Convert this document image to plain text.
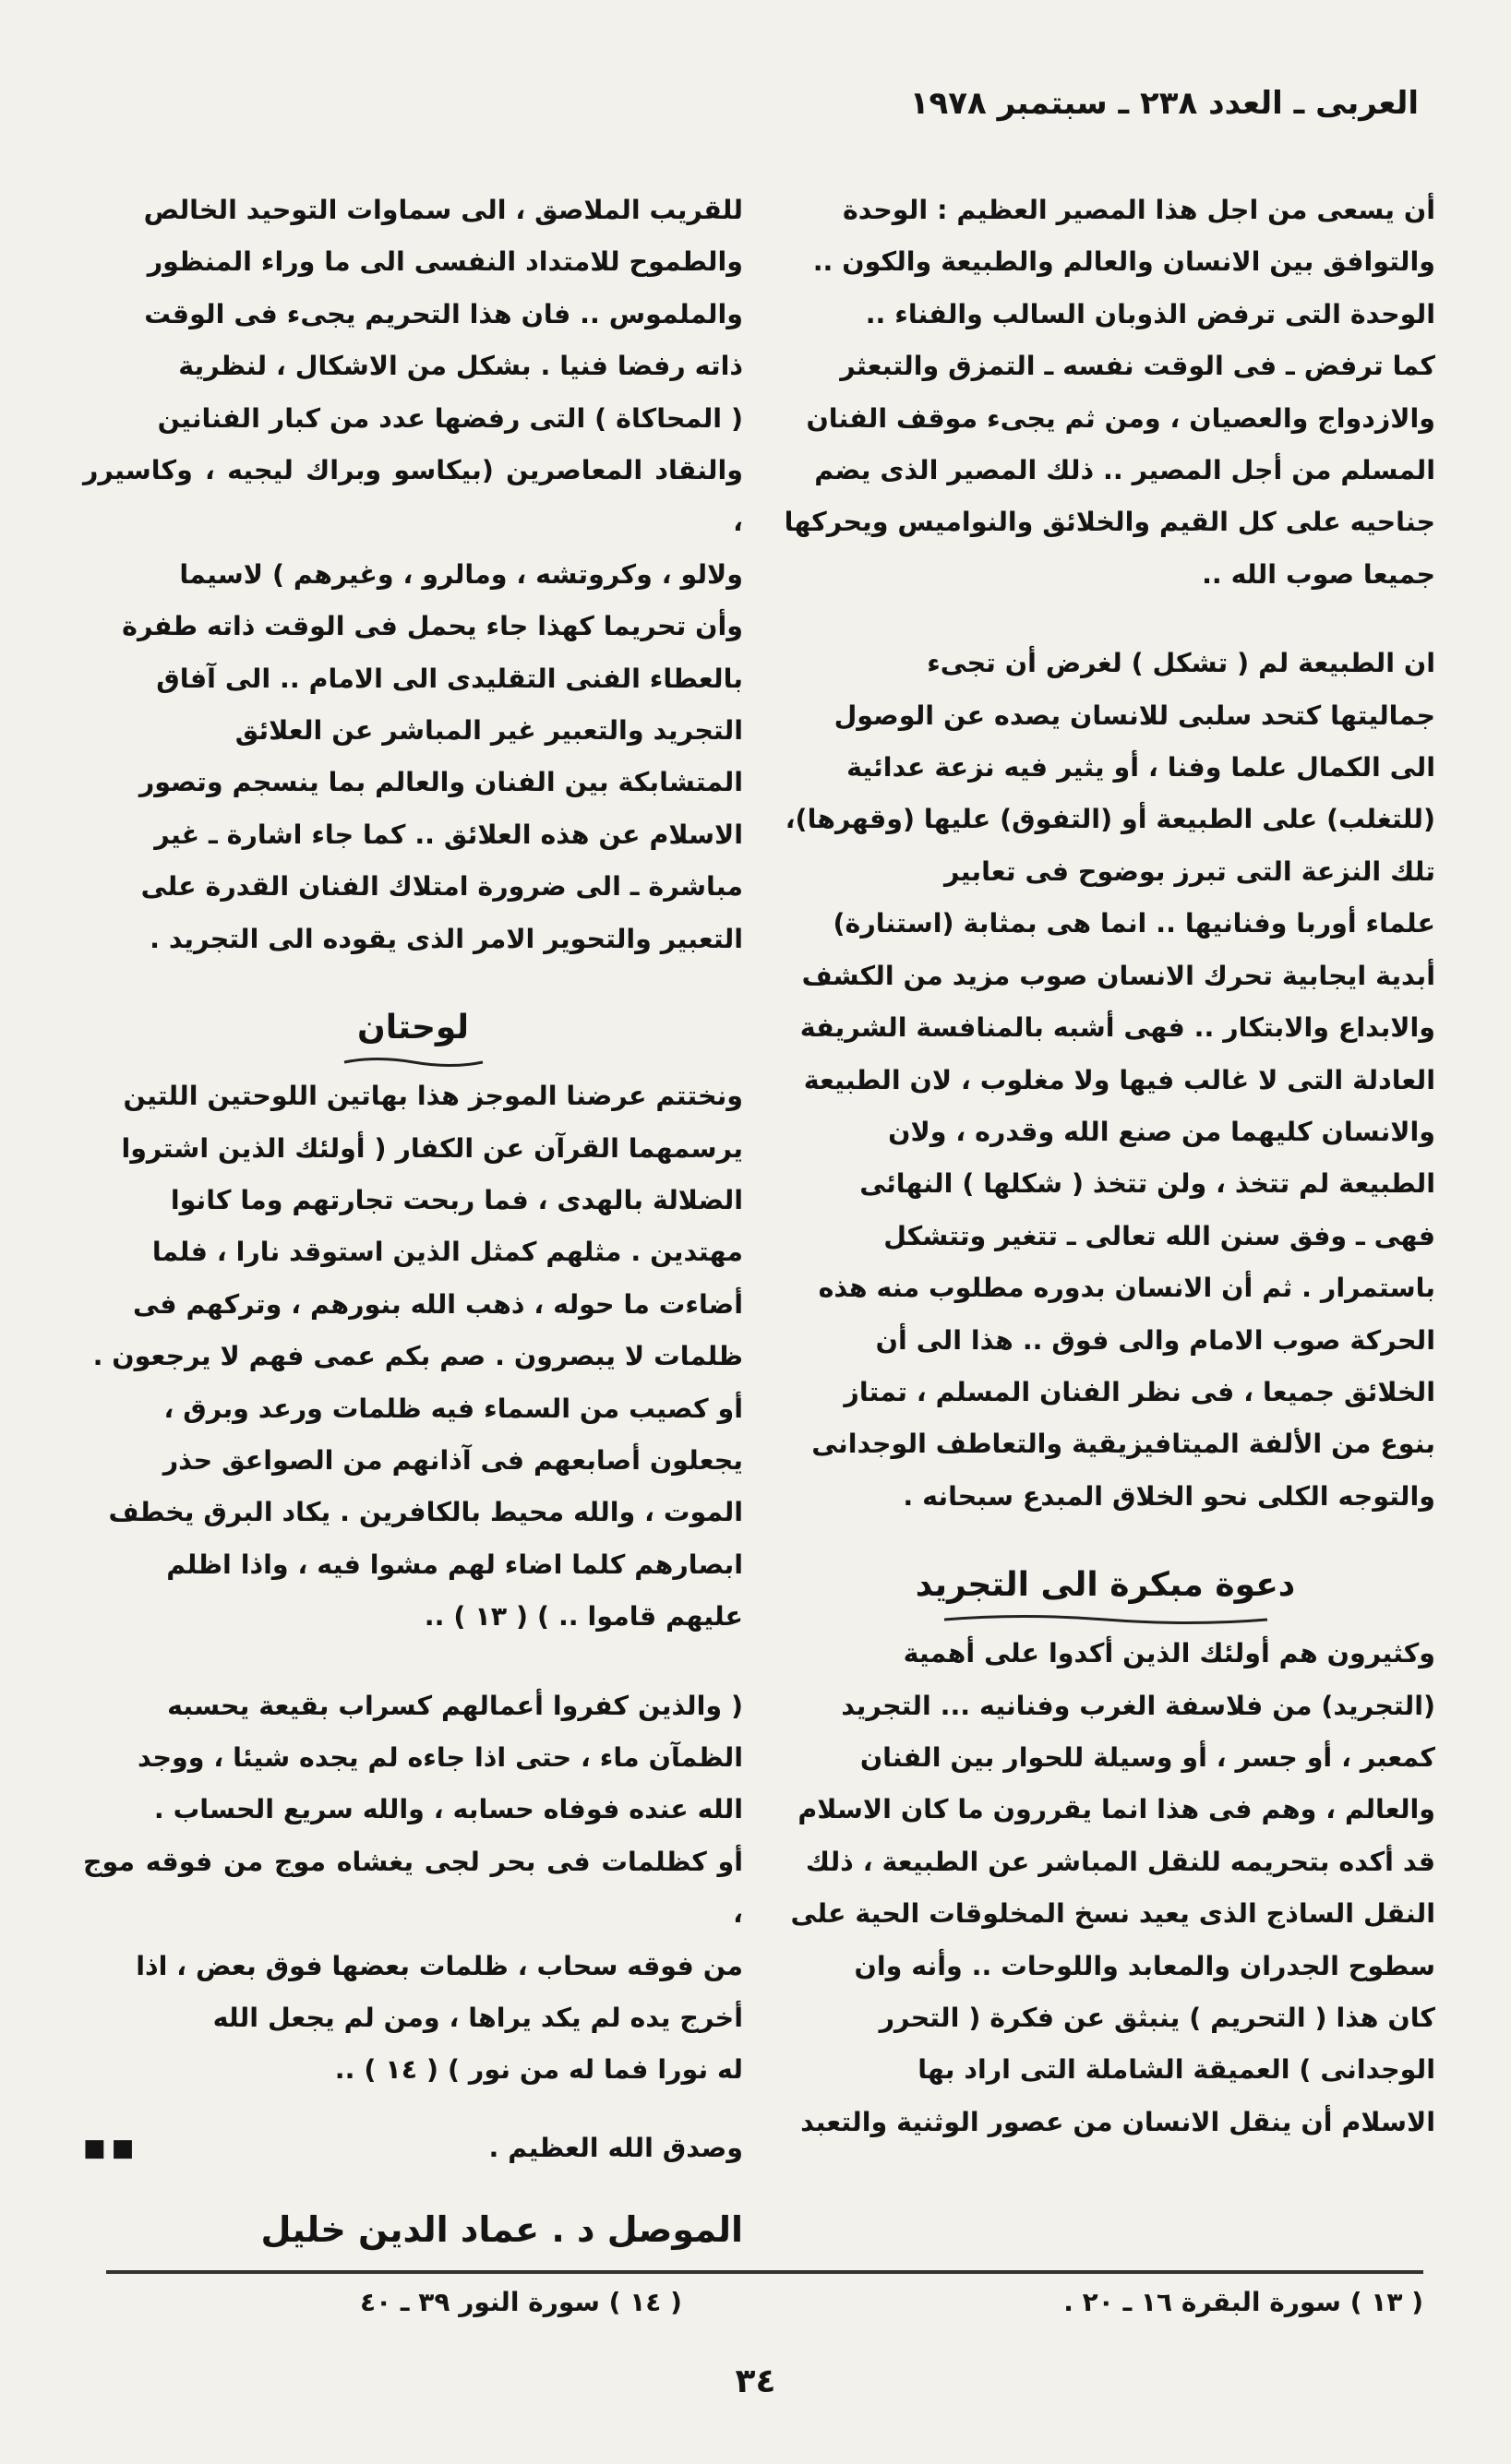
العربى ـ العدد ٢٣٨ ـ سبتمبر ١٩٧٨

أن يسعى من اجل هذا المصير العظيم : الوحدة

والتوافق بين الانسان والعالم والطبيعة والكون ..

الوحدة التى ترفض الذوبان السالب والفناء ..

كما ترفض ـ فى الوقت نفسه ـ التمزق والتبعثر

والازدواج والعصيان ، ومن ثم يجىء موقف الفنان

المسلم من أجل المصير .. ذلك المصير الذى يضم

جناحيه على كل القيم والخلائق والنواميس ويحركها

جميعا صوب الله ..

ان الطبيعة لم ( تشكل ) لغرض أن تجىء

جماليتها كتحد سلبى للانسان يصده عن الوصول

الى الكمال علما وفنا ، أو يثير فيه نزعة عدائية

(للتغلب) على الطبيعة أو (التفوق) عليها (وقهرها)،

تلك النزعة التى تبرز بوضوح فى تعابير

علماء أوربا وفنانيها .. انما هى بمثابة (استنارة)

أبدية ايجابية تحرك الانسان صوب مزيد من الكشف

والابداع والابتكار .. فهى أشبه بالمنافسة الشريفة

العادلة التى لا غالب فيها ولا مغلوب ، لان الطبيعة

والانسان كليهما من صنع الله وقدره ، ولان

الطبيعة لم تتخذ ، ولن تتخذ ( شكلها ) النهائى

فهى ـ وفق سنن الله تعالى ـ تتغير وتتشكل

باستمرار . ثم أن الانسان بدوره مطلوب منه هذه

الحركة صوب الامام والى فوق .. هذا الى أن

الخلائق جميعا ، فى نظر الفنان المسلم ، تمتاز

بنوع من الألفة الميتافيزيقية والتعاطف الوجدانى

والتوجه الكلى نحو الخلاق المبدع سبحانه .

دعوة مبكرة الى التجريد

وكثيرون هم أولئك الذين أكدوا على أهمية

(التجريد) من فلاسفة الغرب وفنانيه ... التجريد

كمعبر ، أو جسر ، أو وسيلة للحوار بين الفنان

والعالم ، وهم فى هذا انما يقررون ما كان الاسلام

قد أكده بتحريمه للنقل المباشر عن الطبيعة ، ذلك

النقل الساذج الذى يعيد نسخ المخلوقات الحية على

سطوح الجدران والمعابد واللوحات .. وأنه وان

كان هذا ( التحريم ) ينبثق عن فكرة ( التحرر

الوجدانى ) العميقة الشاملة التى اراد بها

الاسلام أن ينقل الانسان من عصور الوثنية والتعبد

للقريب الملاصق ، الى سماوات التوحيد الخالص

والطموح للامتداد النفسى الى ما وراء المنظور

والملموس .. فان هذا التحريم يجىء فى الوقت

ذاته رفضا فنيا . بشكل من الاشكال ، لنظرية

( المحاكاة ) التى رفضها عدد من كبار الفنانين

والنقاد المعاصرين (بيكاسو وبراك ليجيه ، وكاسيرر ،

ولالو ، وكروتشه ، ومالرو ، وغيرهم ) لاسيما

وأن تحريما كهذا جاء يحمل فى الوقت ذاته طفرة

بالعطاء الفنى التقليدى الى الامام .. الى آفاق

التجريد والتعبير غير المباشر عن العلائق

المتشابكة بين الفنان والعالم بما ينسجم وتصور

الاسلام عن هذه العلائق .. كما جاء اشارة ـ غير

مباشرة ـ الى ضرورة امتلاك الفنان القدرة على

التعبير والتحوير الامر الذى يقوده الى التجريد .

لوحتان

ونختتم عرضنا الموجز هذا بهاتين اللوحتين اللتين

يرسمهما القرآن عن الكفار ( أولئك الذين اشتروا

الضلالة بالهدى ، فما ربحت تجارتهم وما كانوا

مهتدين . مثلهم كمثل الذين استوقد نارا ، فلما

أضاءت ما حوله ، ذهب الله بنورهم ، وتركهم فى

ظلمات لا يبصرون . صم بكم عمى فهم لا يرجعون .

أو كصيب من السماء فيه ظلمات ورعد وبرق ،

يجعلون أصابعهم فى آذانهم من الصواعق حذر

الموت ، والله محيط بالكافرين . يكاد البرق يخطف

ابصارهم كلما اضاء لهم مشوا فيه ، واذا اظلم

عليهم قاموا .. ) ( ١٣ ) ..

( والذين كفروا أعمالهم كسراب بقيعة يحسبه

الظمآن ماء ، حتى اذا جاءه لم يجده شيئا ، ووجد

الله عنده فوفاه حسابه ، والله سريع الحساب .

أو كظلمات فى بحر لجى يغشاه موج من فوقه موج ،

من فوقه سحاب ، ظلمات بعضها فوق بعض ، اذا

أخرج يده لم يكد يراها ، ومن لم يجعل الله

له نورا فما له من نور ) ( ١٤ ) ..

وصدق الله العظيم .
■■
الموصل د . عماد الدين خليل
( ١٣ ) سورة البقرة ١٦ ـ ٢٠ .
( ١٤ ) سورة النور ٣٩ ـ ٤٠
٣٤
